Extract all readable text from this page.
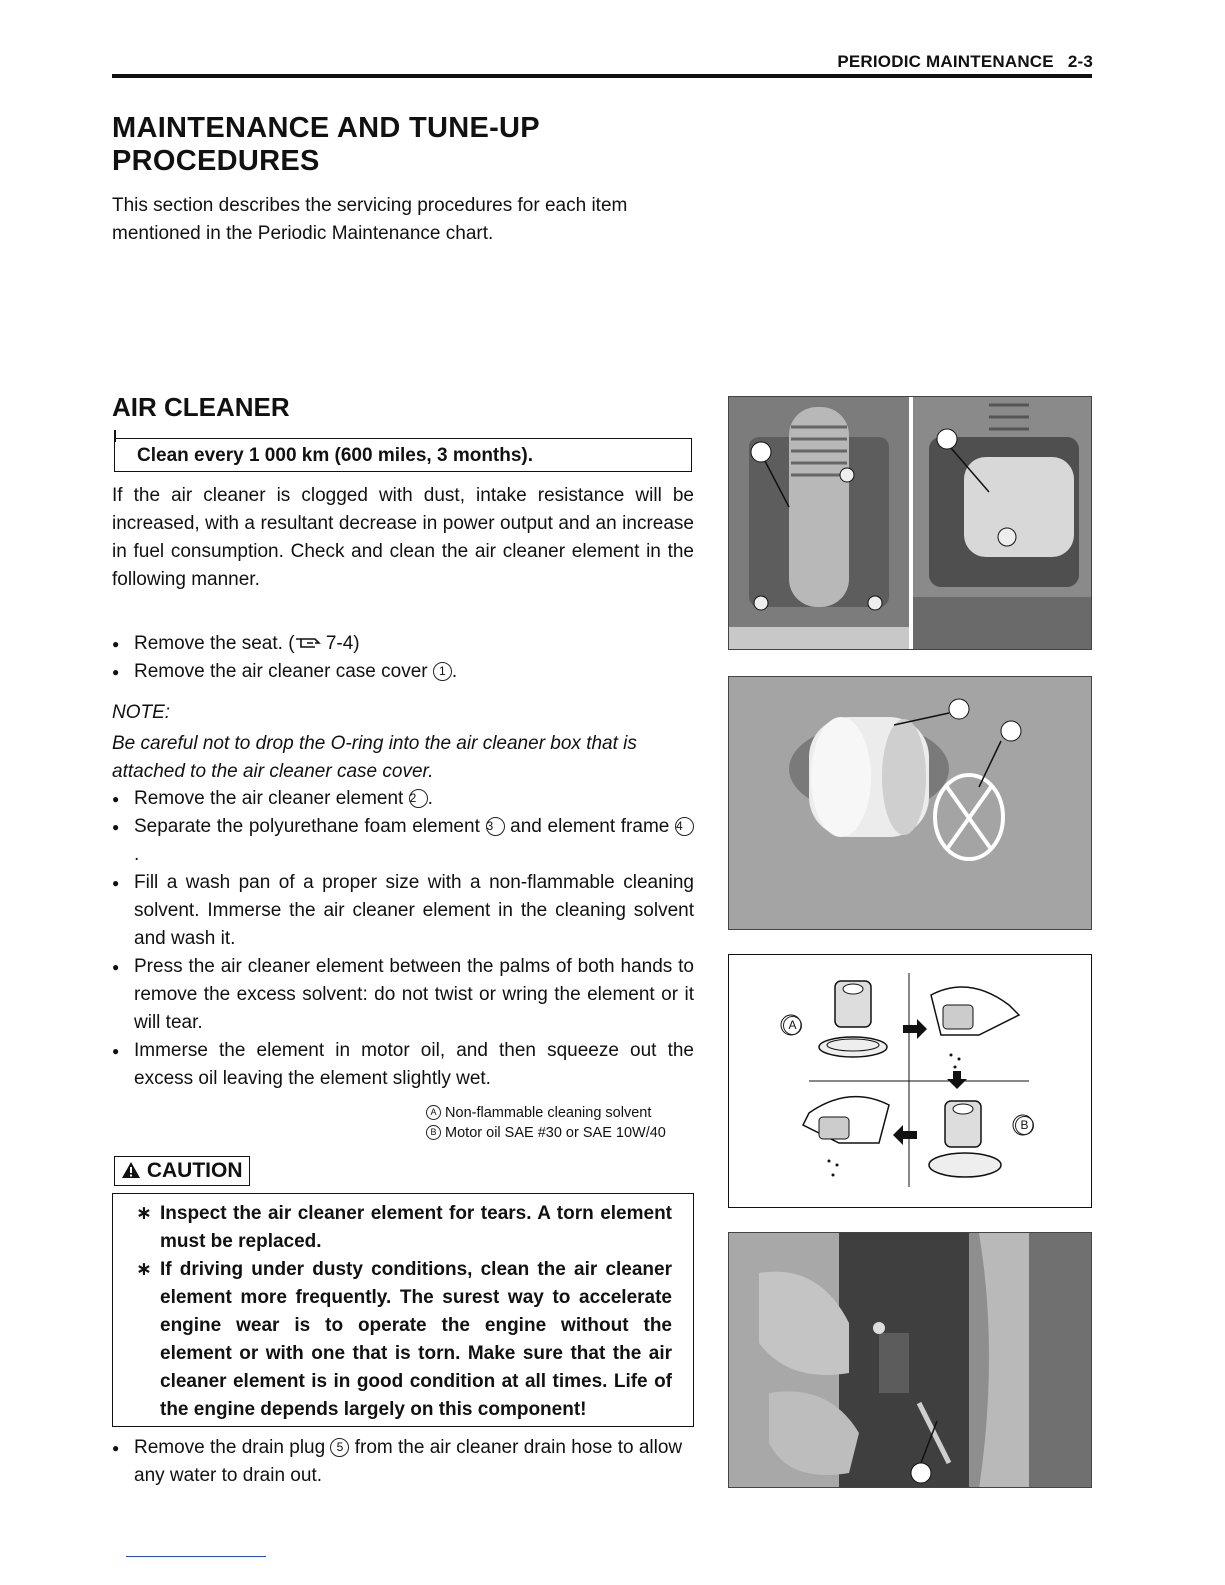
PERIODIC MAINTENANCE 2-3
MAINTENANCE AND TUNE-UP
PROCEDURES
This section describes the servicing procedures for each item mentioned in the Periodic Maintenance chart.
AIR CLEANER
Clean every 1 000 km (600 miles, 3 months).
If the air cleaner is clogged with dust, intake resistance will be increased, with a resultant decrease in power output and an increase in fuel consumption. Check and clean the air cleaner element in the following manner.
● Remove the seat. ( 7-4)
● Remove the air cleaner case cover 1 .
NOTE:
Be careful not to drop the O-ring into the air cleaner box that is attached to the air cleaner case cover.
● Remove the air cleaner element 2 .
● Separate the polyurethane foam element 3 and element frame 4.
● Fill a wash pan of a proper size with a non-flammable cleaning solvent. Immerse the air cleaner element in the cleaning solvent and wash it.
● Press the air cleaner element between the palms of both hands to remove the excess solvent: do not twist or wring the element or it will tear.
● Immerse the element in motor oil, and then squeeze out the excess oil leaving the element slightly wet.
A Non-flammable cleaning solvent
B Motor oil SAE #30 or SAE 10W/40
CAUTION
∗ Inspect the air cleaner element for tears. A torn element must be replaced.
∗ If driving under dusty conditions, clean the air cleaner element more frequently. The surest way to accelerate engine wear is to operate the engine without the element or with one that is torn. Make sure that the air cleaner element is in good condition at all times. Life of the engine depends largely on this component!
● Remove the drain plug 5 from the air cleaner drain hose to allow any water to drain out.
A
B
